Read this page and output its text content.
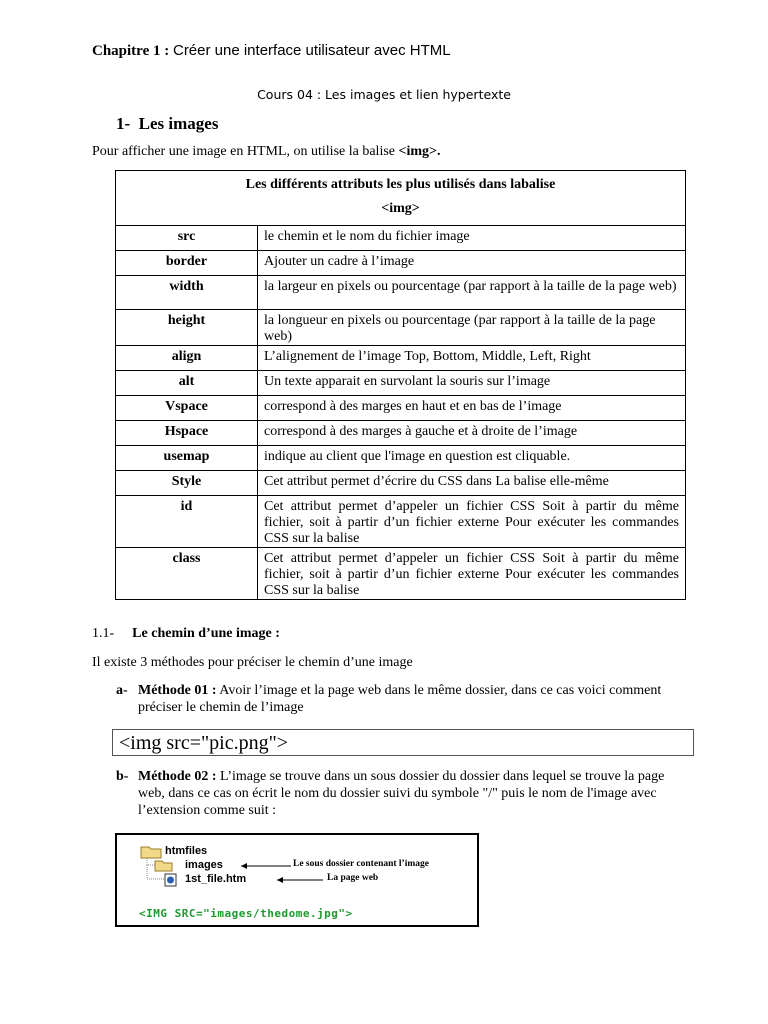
Chapitre 1 : Créer une interface utilisateur avec HTML
Cours 04 : Les images et lien hypertexte
1- Les images
Pour afficher une image en HTML, on utilise la balise <img>.
Les différents attributs les plus utilisés dans labalise
<img>	

src	le chemin et le nom du fichier image
border	Ajouter un cadre à l’image
width	la largeur en pixels ou pourcentage (par rapport à la taille de la page web)
height	la longueur en pixels ou pourcentage (par rapport à la taille de la page web)
align	L’alignement de l’image Top, Bottom, Middle, Left, Right
alt	Un texte apparait en survolant la souris sur l’image
Vspace	correspond à des marges en haut et en bas de l’image
Hspace	correspond à des marges à gauche et à droite de l’image
usemap	indique au client que l'image en question est cliquable.
Style	Cet attribut permet d’écrire du CSS dans La balise elle-même
id	Cet attribut permet d’appeler un fichier CSS Soit à partir du même fichier, soit à partir d’un fichier externe Pour exécuter les commandes CSS sur la balise
class	Cet attribut permet d’appeler un fichier CSS Soit à partir du même fichier, soit à partir d’un fichier externe Pour exécuter les commandes CSS sur la balise
1.1- Le chemin d’une image :
Il existe 3 méthodes pour préciser le chemin d’une image
a- Méthode 01 : Avoir l’image et la page web dans le même dossier, dans ce cas voici comment préciser le chemin de l’image
<img src="pic.png">
b- Méthode 02 : L’image se trouve dans un sous dossier du dossier dans lequel se trouve la page web, dans ce cas on écrit le nom du dossier suivi du symbole "/" puis le nom de l'image avec l’extension comme suit :
htmfiles
images
1st_file.htm
Le sous dossier contenant l’image
La page web
<IMG SRC="images/thedome.jpg">
